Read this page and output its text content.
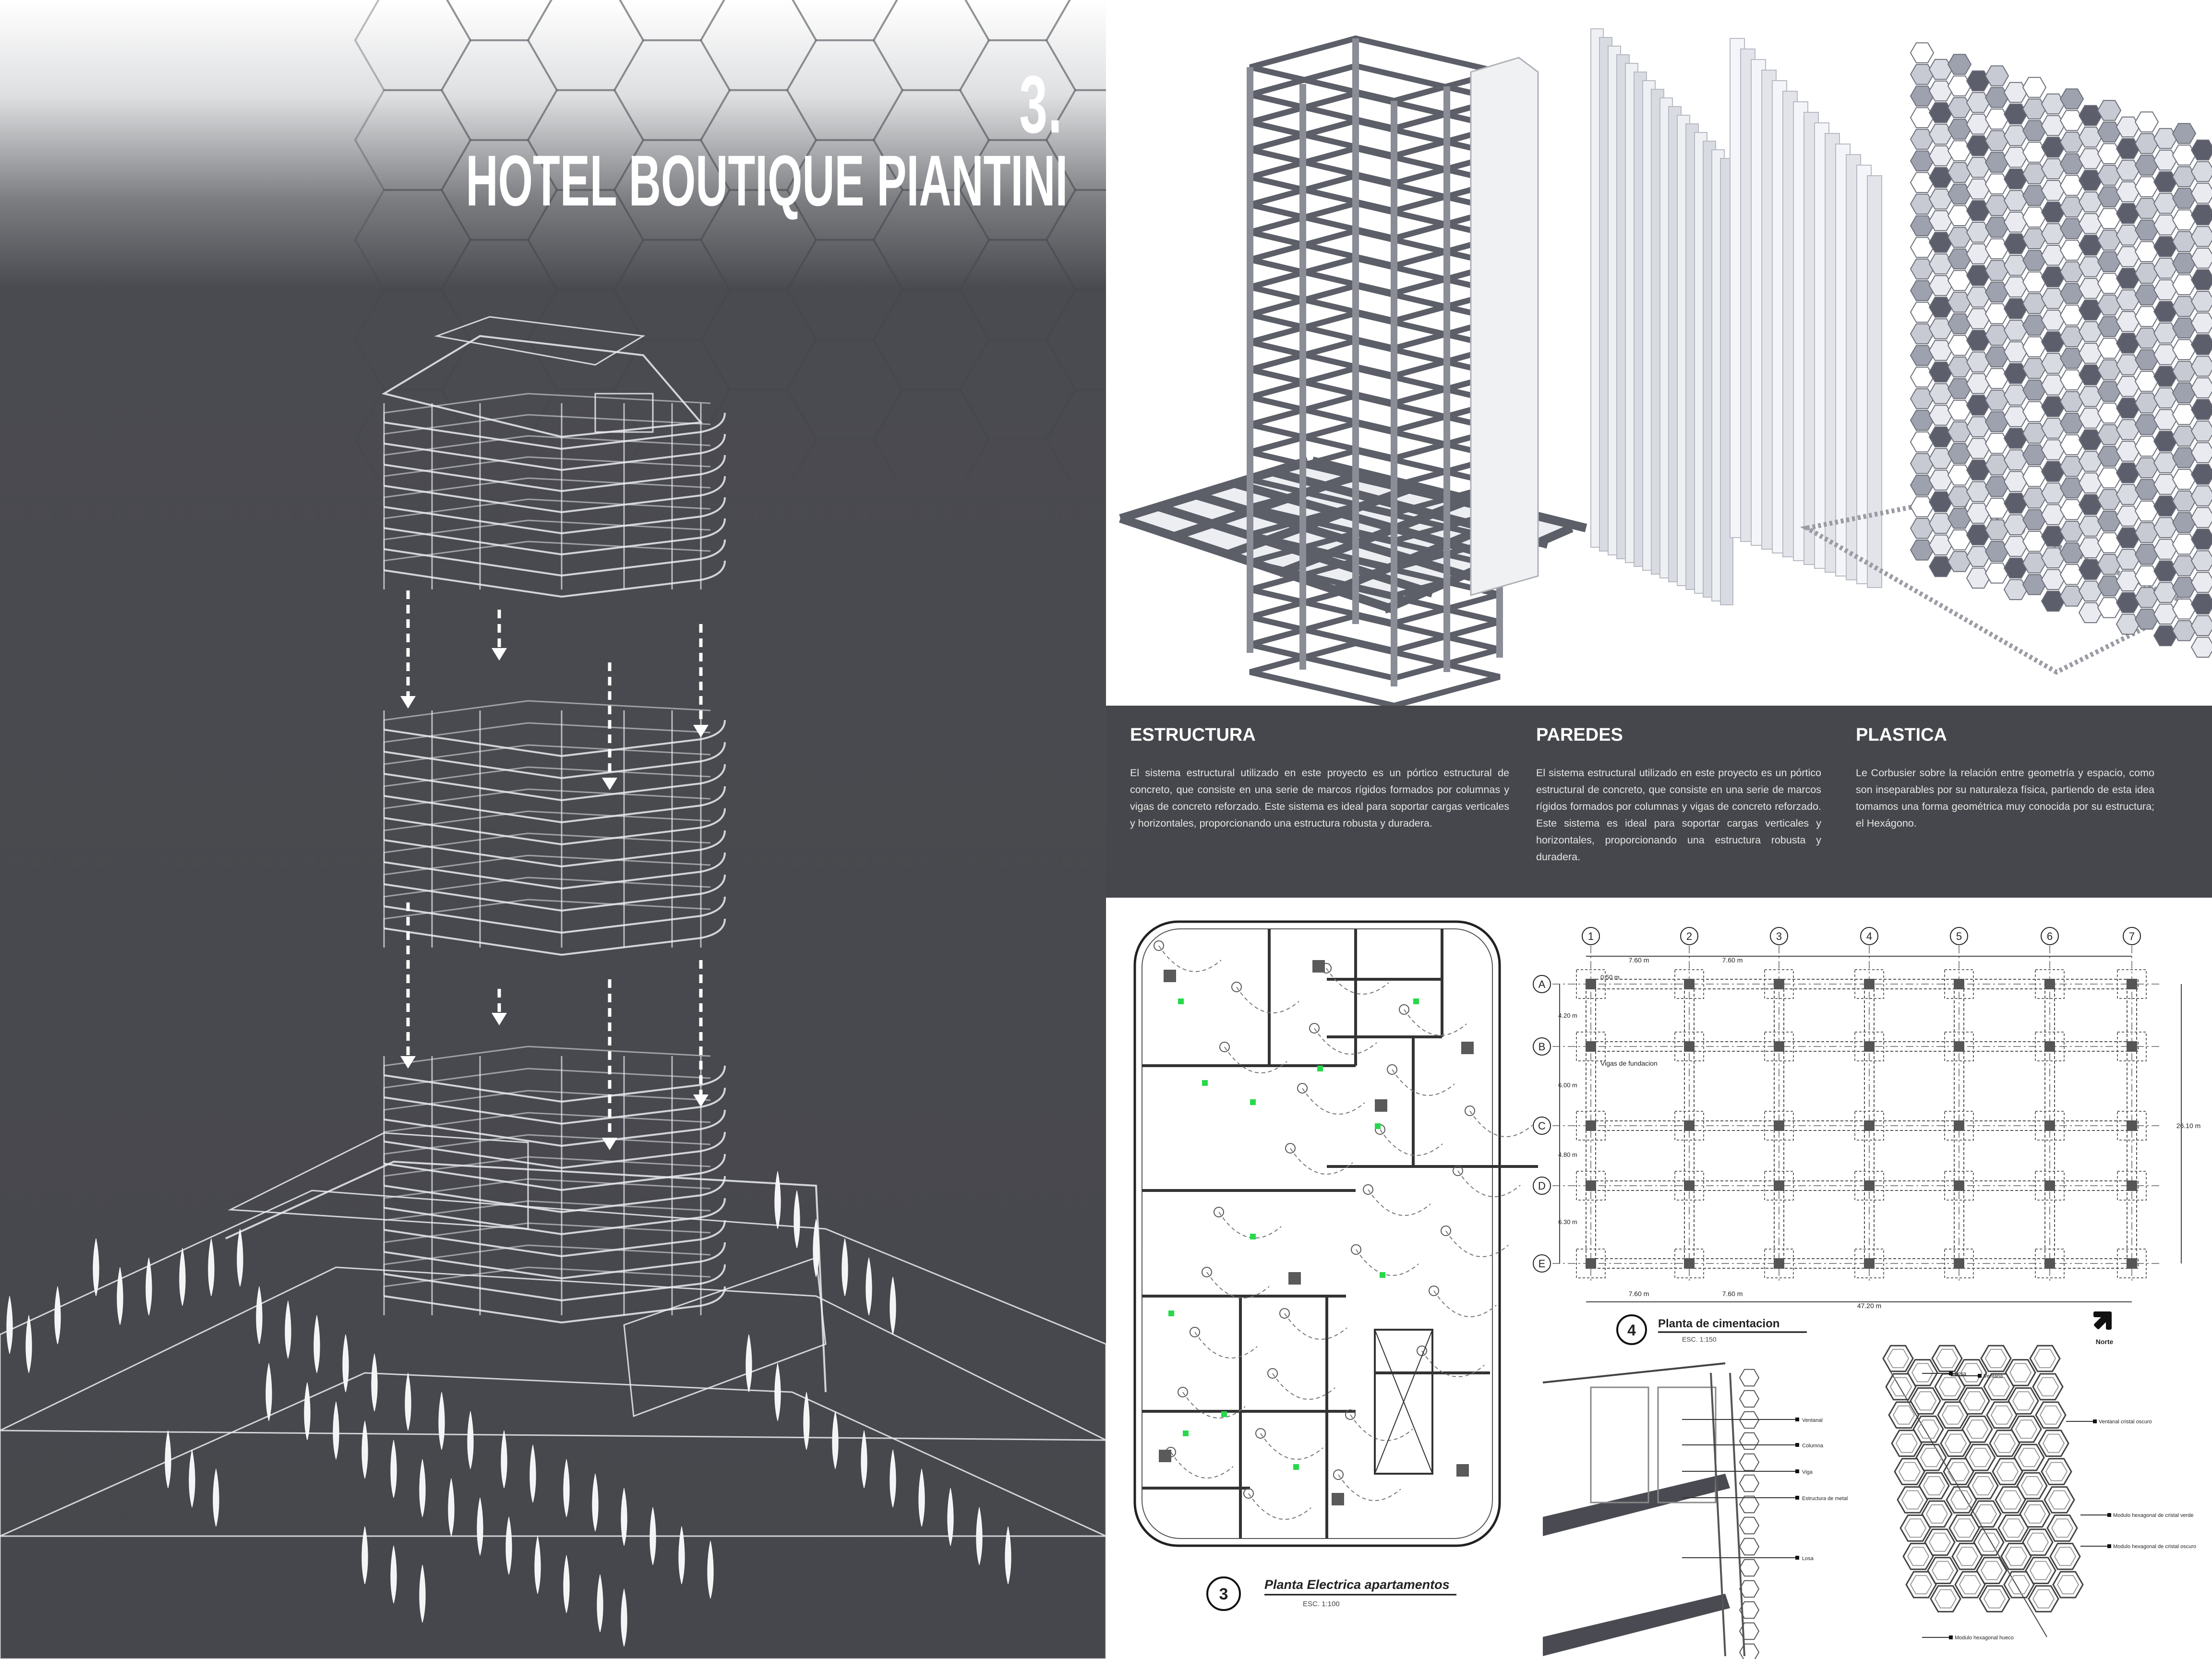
3.
HOTEL BOUTIQUE PIANTINI
ESTRUCTURA

El sistema estructural utilizado en este proyecto es un pórtico estructural de concreto, que consiste en una serie de marcos rígidos formados por columnas y vigas de concreto reforzado. Este sistema es ideal para soportar cargas verticales y horizontales, proporcionando una estructura robusta y duradera.

PAREDES

El sistema estructural utilizado en este proyecto es un pórtico estructural de concreto, que consiste en una serie de marcos rígidos formados por columnas y vigas de concreto reforzado. Este sistema es ideal para soportar cargas verticales y horizontales, proporcionando una estructura robusta y duradera.

PLASTICA

Le Corbusier sobre la relación entre geometría y espacio, como son inseparables por su naturaleza física, partiendo de esta idea tomamos una forma geométrica muy conocida por su estructura; el Hexágono.

3
Planta Electrica apartamentos
ESC. 1:100
1	2	3	4	5	6	7
A
B
C
D
E
7.60 m	7.60 m
0.50 m
7.60 m	7.60 m
47.20 m
26.10 m
4.20 m
6.00 m
4.80 m
6.30 m
Vigas de fundacion
4 Planta de cimentacion
ESC. 1:150	Norte
Ventanal
Columna
Viga
Estructura de metal
Losa
Losa	Ventana
Ventanal cristal oscuro
Modulo hexagonal de cristal verde
Modulo hexagonal de cristal oscuro
Modulo hexagonal hueco
